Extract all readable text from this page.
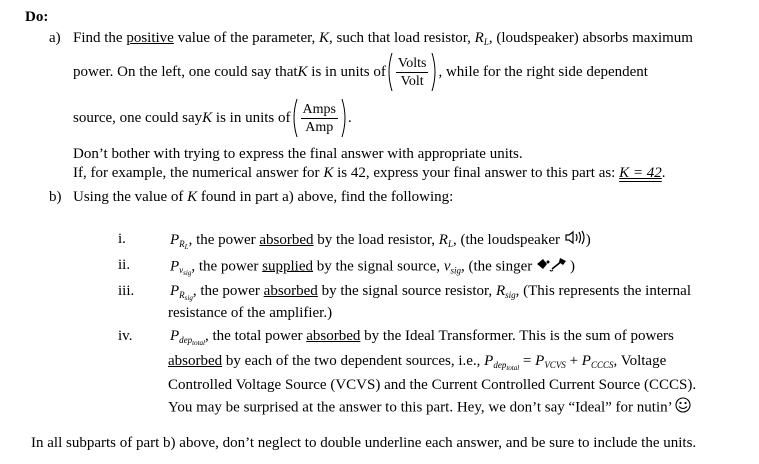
Do:
a) Find the positive value of the parameter, K, such that load resistor, $R_L$, (loudspeaker) absorbs maximum
power. On the left, one could say that K
is in units of $\frac{\text{Volts}}{\text{Volt}}$ , while for the right side dependent
source, one could say K
is in units of $\frac{\text{Amps}}{\text{Amp}}$ .
Don’t bother with trying to express the final answer with appropriate units.
If, for example, the numerical answer for K is 42, express your final answer to this part as: K = 42.
b) Using the value of K found in part a) above, find the following:
i.	$P_{R_L}$, the power absorbed by the load resistor, $R_L$, (the loudspeaker )
ii.	$P_{v_{sig}}$, the power supplied by the signal source, $v_{sig}$, (the singer )
iii. $P_{R_{sig}}$, the power absorbed by the signal source resistor, $R_{sig}$, (This represents the internal
resistance of the amplifier.)
iv.	$P_{dep_{total}}$, the total power absorbed by the Ideal Transformer. This is the sum of powers
absorbed by each of the two dependent sources, i.e., $P_{dep_{total}} = P_{VCVS} + P_{CCCS}$, Voltage
Controlled Voltage Source (VCVS) and the Current Controlled Current Source (CCCS).
You may be surprised at the answer to this part. Hey, we don’t say “Ideal” for nutin’
In all subparts of part b) above, don’t neglect to double underline each answer, and be sure to include the units.
